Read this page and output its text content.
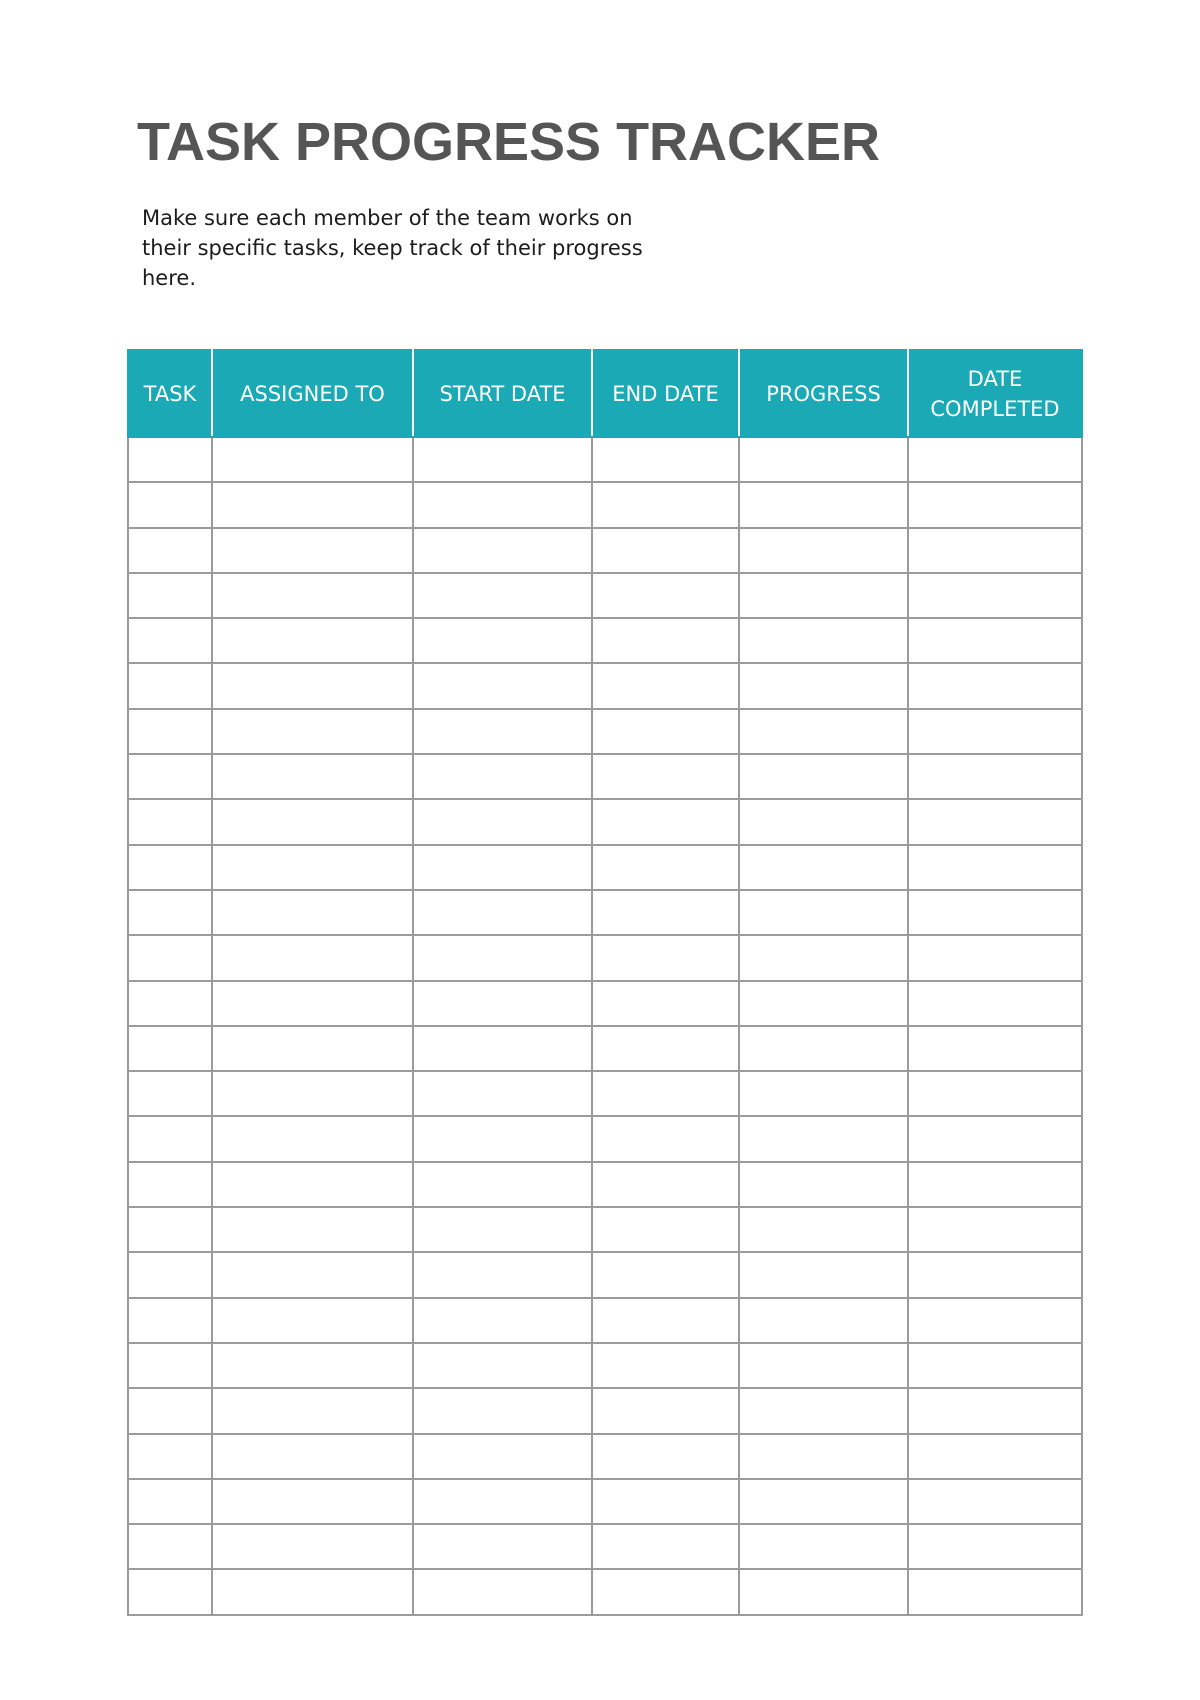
TASK PROGRESS TRACKER

Make sure each member of the team works on their specific tasks, keep track of their progress here.

TASK	ASSIGNED TO	START DATE	END DATE	PROGRESS	DATE COMPLETED
